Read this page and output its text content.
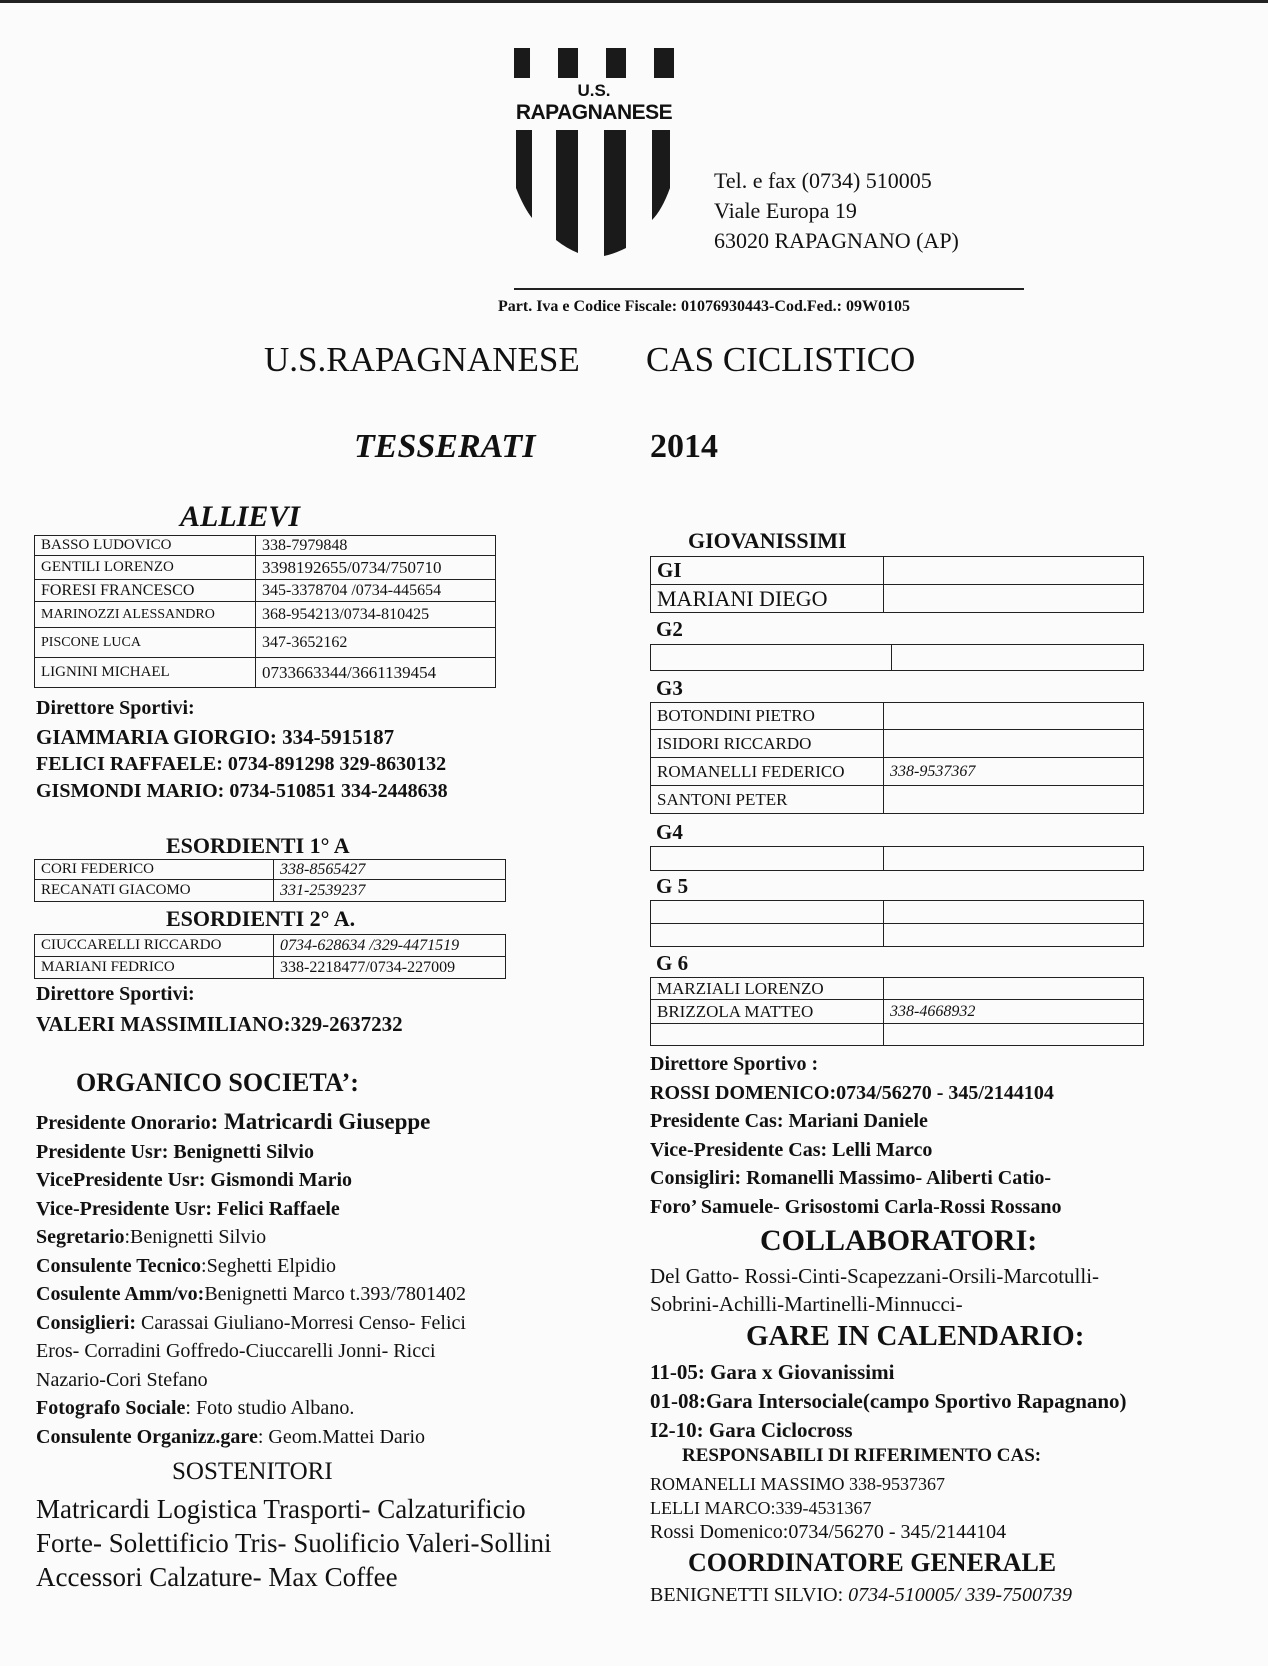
U.S.
RAPAGNANESE
Tel. e fax (0734) 510005
Viale Europa 19
63020 RAPAGNANO (AP)
Part. Iva e Codice Fiscale: 01076930443-Cod.Fed.: 09W0105
U.S.RAPAGNANESE CAS CICLISTICO
TESSERATI	2014
ALLIEVI
BASSO LUDOVICO	338-7979848
GENTILI LORENZO	3398192655/0734/750710
FORESI FRANCESCO	345-3378704 /0734-445654
MARINOZZI ALESSANDRO	368-954213/0734-810425
PISCONE LUCA	347-3652162
LIGNINI MICHAEL	0733663344/3661139454
Direttore Sportivi:
GIAMMARIA GIORGIO: 334-5915187
FELICI RAFFAELE: 0734-891298 329-8630132
GISMONDI MARIO: 0734-510851 334-2448638
ESORDIENTI 1° A
CORI FEDERICO	338-8565427
RECANATI GIACOMO	331-2539237
ESORDIENTI 2° A.
CIUCCARELLI RICCARDO	0734-628634 /329-4471519
MARIANI FEDRICO	338-2218477/0734-227009
Direttore Sportivi:
VALERI MASSIMILIANO:329-2637232
ORGANICO SOCIETA’:
Presidente Onorario: Matricardi Giuseppe
Presidente Usr: Benignetti Silvio
VicePresidente Usr: Gismondi Mario
Vice-Presidente Usr: Felici Raffaele
Segretario:Benignetti Silvio
Consulente Tecnico:Seghetti Elpidio
Cosulente Amm/vo:Benignetti Marco t.393/7801402
Consiglieri: Carassai Giuliano-Morresi Censo- Felici
Eros- Corradini Goffredo-Ciuccarelli Jonni- Ricci
Nazario-Cori Stefano
Fotografo Sociale: Foto studio Albano.
Consulente Organizz.gare: Geom.Mattei Dario
SOSTENITORI
Matricardi Logistica Trasporti- Calzaturificio
Forte- Solettificio Tris- Suolificio Valeri-Sollini
Accessori Calzature- Max Coffee
GIOVANISSIMI
GI	
MARIANI DIEGO	
G2

G3
BOTONDINI PIETRO	
ISIDORI RICCARDO	
ROMANELLI FEDERICO	338-9537367
SANTONI PETER	
G4

G 5

G 6
MARZIALI LORENZO	
BRIZZOLA MATTEO	338-4668932

Direttore Sportivo :
ROSSI DOMENICO:0734/56270 - 345/2144104
Presidente Cas: Mariani Daniele
Vice-Presidente Cas: Lelli Marco
Consigliri: Romanelli Massimo- Aliberti Catio-
Foro’ Samuele- Grisostomi Carla-Rossi Rossano
COLLABORATORI:
Del Gatto- Rossi-Cinti-Scapezzani-Orsili-Marcotulli-
Sobrini-Achilli-Martinelli-Minnucci-
GARE IN CALENDARIO:
11-05: Gara x Giovanissimi
01-08:Gara Intersociale(campo Sportivo Rapagnano)
I2-10: Gara Ciclocross
RESPONSABILI DI RIFERIMENTO CAS:
ROMANELLI MASSIMO 338-9537367
LELLI MARCO:339-4531367
Rossi Domenico:0734/56270 - 345/2144104
COORDINATORE GENERALE
BENIGNETTI SILVIO: 0734-510005/ 339-7500739
